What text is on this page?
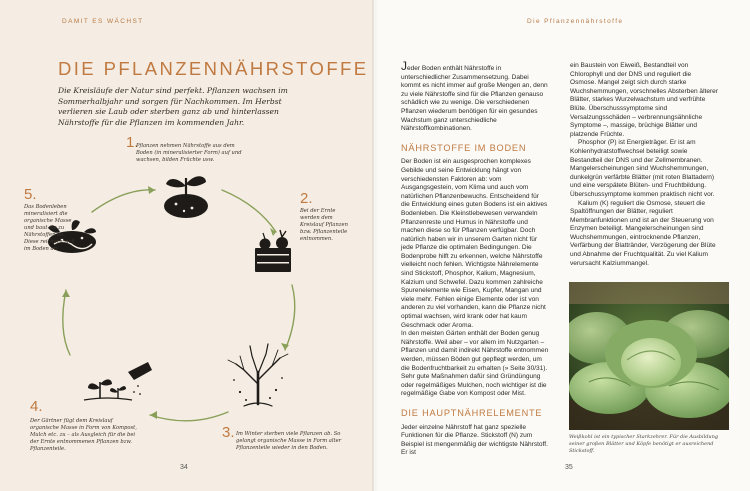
DAMIT ES WÄCHST	Die Pflanzennährstoffe
DIE PFLANZENNÄHRSTOFFE

Die Kreisläufe der Natur sind perfekt. Pflanzen wachsen im Sommerhalbjahr und sorgen für Nachkommen. Im Herbst verlieren sie Laub oder sterben ganz ab und hinterlassen Nährstoffe für die Pflanzen im kommenden Jahr.

1.
Pflanzen nehmen Nährstoffe aus dem Boden (in mineralisierter Form) auf und wachsen, bilden Früchte usw.
2.
Bei der Ernte werden dem Kreislauf Pflanzen bzw. Pflanzenteile entnommen.
3. Im Winter sterben viele Pflanzen ab. So gelangt organische Masse in Form alter Pflanzenteile wieder in den Boden.
4.
Der Gärtner fügt dem Kreislauf organische Masse in Form von Kompost, Mulch etc. zu – als Ausgleich für die bei der Ernte entnommenen Pflanzen bzw. Pflanzenteile.
5.
Das Bodenleben mineralisiert die organische Masse und baut sie zu Nährstoffen ab. Diese reichern sich im Boden an.
34

Jeder Boden enthält Nährstoffe in unterschiedlicher Zusammensetzung. Dabei kommt es nicht immer auf große Mengen an, denn zu viele Nährstoffe sind für die Pflanzen genauso schädlich wie zu wenige. Die verschiedenen Pflanzen wiederum benötigen für ein gesundes Wachstum ganz unterschiedliche Nährstoffkombinationen.

NÄHRSTOFFE IM BODEN

Der Boden ist ein ausgesprochen komplexes Gebilde und seine Entwicklung hängt von verschiedensten Faktoren ab: vom Ausgangsgestein, vom Klima und auch vom natürlichen Pflanzenbewuchs. Entscheidend für die Entwicklung eines guten Bodens ist ein aktives Bodenleben. Die Kleinstlebewesen verwandeln Pflanzenreste und Humus in Nährstoffe und machen diese so für Pflanzen verfügbar. Doch natürlich haben wir in unserem Garten nicht für jede Pflanze die optimalen Bedingungen. Die Bodenprobe hilft zu erkennen, welche Nährstoffe vielleicht noch fehlen. Wichtigste Nährelemente sind Stickstoff, Phosphor, Kalium, Magnesium, Kalzium und Schwefel. Dazu kommen zahlreiche Spurenelemente wie Eisen, Kupfer, Mangan und viele mehr. Fehlen einige Elemente oder ist von anderen zu viel vorhanden, kann die Pflanze nicht optimal wachsen, wird krank oder hat kaum Geschmack oder Aroma.

In den meisten Gärten enthält der Boden genug Nährstoffe. Weil aber – vor allem im Nutzgarten – Pflanzen und damit indirekt Nährstoffe entnommen werden, müssen Böden gut gepflegt werden, um die Bodenfruchtbarkeit zu erhalten (» Seite 30/31). Sehr gute Maßnahmen dafür sind Gründüngung oder regelmäßiges Mulchen, noch wichtiger ist die regelmäßige Gabe von Kompost oder Mist.

DIE HAUPTNÄHRELEMENTE

Jeder einzelne Nährstoff hat ganz spezielle Funktionen für die Pflanze. Stickstoff (N) zum Beispiel ist mengenmäßig der wichtigste Nährstoff. Er ist

ein Baustein von Eiweiß, Bestandteil von Chlorophyll und der DNS und reguliert die Osmose. Mangel zeigt sich durch starke Wuchshemmungen, vorschnelles Absterben älterer Blätter, starkes Wurzelwachstum und verfrühte Blüte. Überschusssymptome sind Versalzungsschäden – verbrennungsähnliche Symptome –, massige, brüchige Blätter und platzende Früchte.

Phosphor (P) ist Energieträger. Er ist am Kohlenhydratstoffwechsel beteiligt sowie Bestandteil der DNS und der Zellmembranen. Mangelerscheinungen sind Wuchshemmungen, dunkelgrün verfärbte Blätter (mit roten Blattadern) und eine verspätete Blüten- und Fruchtbildung. Überschussymptome kommen praktisch nicht vor.

Kalium (K) reguliert die Osmose, steuert die Spaltöffnungen der Blätter, reguliert Membranfunktionen und ist an der Steuerung von Enzymen beteiligt. Mangelerscheinungen sind Wuchshemmungen, eintrocknende Pflanzen, Verfärbung der Blattränder, Verzögerung der Blüte und Abnahme der Fruchtqualität. Zu viel Kalium verursacht Kalziummangel.

Weißkohl ist ein typischer Starkzehrer. Für die Ausbildung seiner großen Blätter und Köpfe benötigt er ausreichend Stickstoff.

35
